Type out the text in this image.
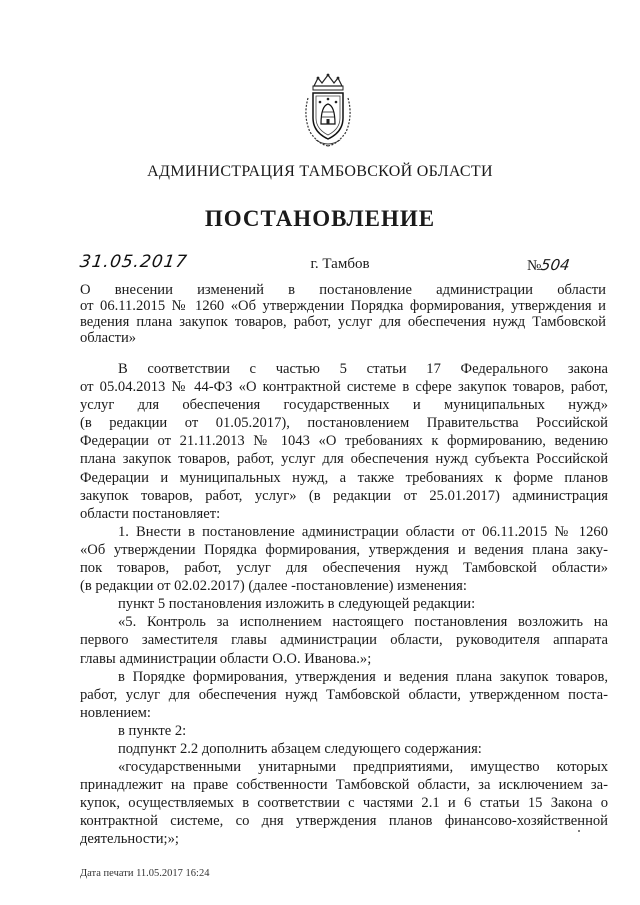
АДМИНИСТРАЦИЯ ТАМБОВСКОЙ ОБЛАСТИ
ПОСТАНОВЛЕНИЕ
31.05.2017	г. Тамбов	№504
О внесении изменений в постановление администрации области
от 06.11.2015 № 1260 «Об утверждении Порядка формирования, утверждения и
ведения плана закупок товаров, работ, услуг для обеспечения нужд Тамбовской
области»
В соответствии с частью 5 статьи 17 Федерального закона
от 05.04.2013 № 44-ФЗ «О контрактной системе в сфере закупок товаров, работ,
услуг для обеспечения государственных и муниципальных нужд»
(в редакции от 01.05.2017), постановлением Правительства Российской
Федерации от 21.11.2013 № 1043 «О требованиях к формированию, ведению
плана закупок товаров, работ, услуг для обеспечения нужд субъекта Российской
Федерации и муниципальных нужд, а также требованиях к форме планов
закупок товаров, работ, услуг» (в редакции от 25.01.2017) администрация
области постановляет:
1. Внести в постановление администрации области от 06.11.2015 № 1260
«Об утверждении Порядка формирования, утверждения и ведения плана заку-
пок товаров, работ, услуг для обеспечения нужд Тамбовской области»
(в редакции от 02.02.2017) (далее -постановление) изменения:
пункт 5 постановления изложить в следующей редакции:
«5. Контроль за исполнением настоящего постановления возложить на
первого заместителя главы администрации области, руководителя аппарата
главы администрации области О.О. Иванова.»;
в Порядке формирования, утверждения и ведения плана закупок товаров,
работ, услуг для обеспечения нужд Тамбовской области, утвержденном поста-
новлением:
в пункте 2:
подпункт 2.2 дополнить абзацем следующего содержания:
«государственными унитарными предприятиями, имущество которых
принадлежит на праве собственности Тамбовской области, за исключением за-
купок, осуществляемых в соответствии с частями 2.1 и 6 статьи 15 Закона о
контрактной системе, со дня утверждения планов финансово-хозяйственной
деятельности;»;
Дата печати 11.05.2017 16:24
